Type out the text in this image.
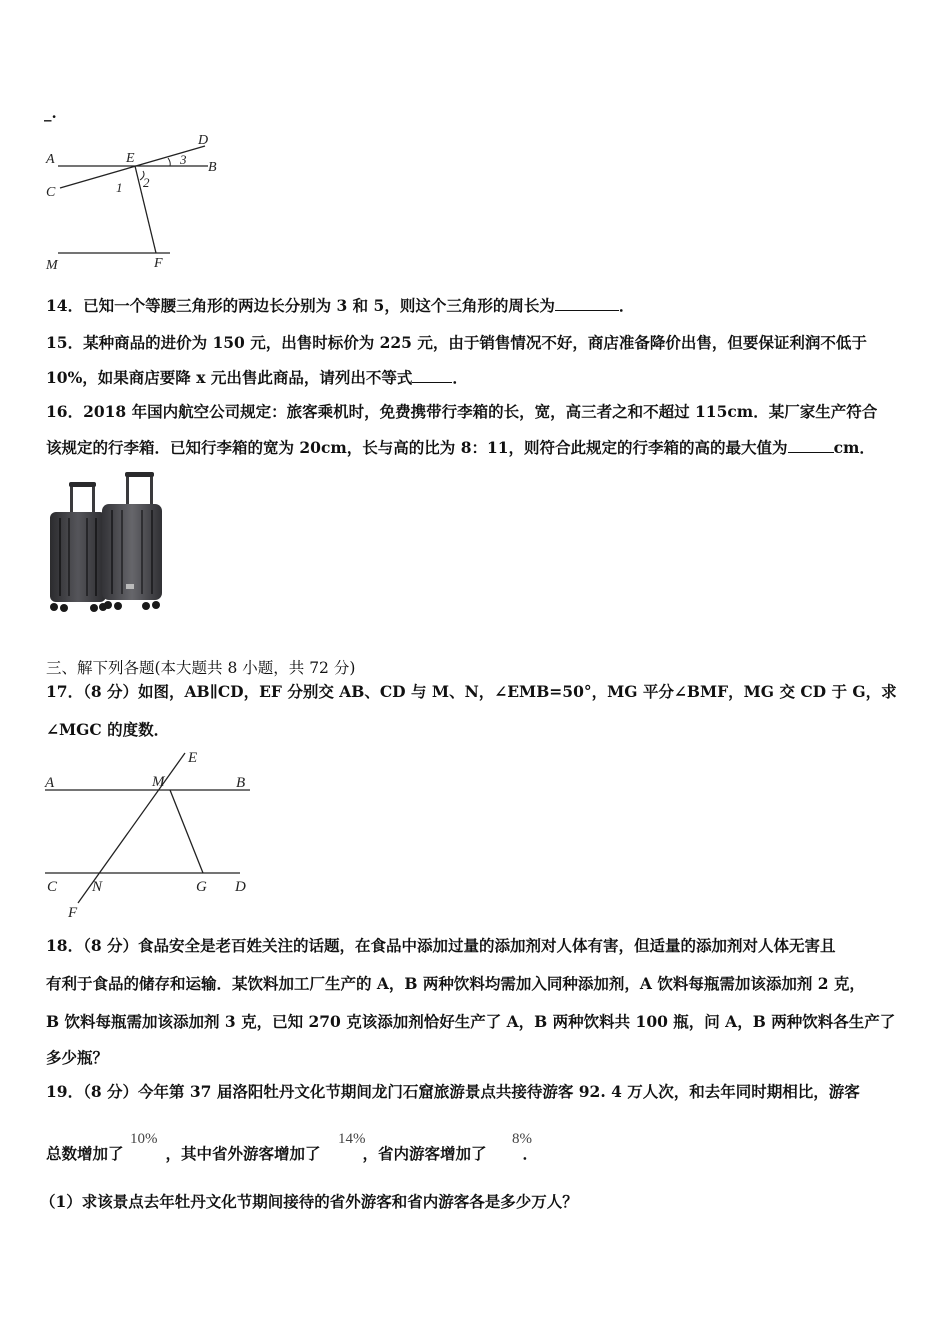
_.
A	E
D
B
C	1 2
3
M	F
14．已知一个等腰三角形的两边长分别为 3 和 5，则这个三角形的周长为	．
15．某种商品的进价为 150 元，出售时标价为 225 元，由于销售情况不好，商店准备降价出售，但要保证利润不低于
10%，如果商店要降 x 元出售此商品，请列出不等式	．
16．2018 年国内航空公司规定：旅客乘机时，免费携带行李箱的长，宽，高三者之和不超过 115cm．某厂家生产符合
该规定的行李箱．已知行李箱的宽为 20cm，长与高的比为 8：11，则符合此规定的行李箱的高的最大值为	cm．
三、解下列各题(本大题共 8 小题，共 72 分)
17．（8 分）如图，AB∥CD，EF 分别交 AB、CD 与 M、N，∠EMB=50°，MG 平分∠BMF，MG 交 CD 于 G，求
∠MGC 的度数．
A	M
E
B
C N	G D
F
18．（8 分）食品安全是老百姓关注的话题，在食品中添加过量的添加剂对人体有害，但适量的添加剂对人体无害且
有利于食品的储存和运输．某饮料加工厂生产的 A，B 两种饮料均需加入同种添加剂，A 饮料每瓶需加该添加剂 2 克，
B 饮料每瓶需加该添加剂 3 克，已知 270 克该添加剂恰好生产了 A，B 两种饮料共 100 瓶，问 A，B 两种饮料各生产了
多少瓶？
19．（8 分）今年第 37 届洛阳牡丹文化节期间龙门石窟旅游景点共接待游客 92. 4 万人次，和去年同时期相比，游客
总数增加了	，其中省外游客增加了	，省内游客增加了 ．
10%	14%	8%
（1）求该景点去年牡丹文化节期间接待的省外游客和省内游客各是多少万人？
